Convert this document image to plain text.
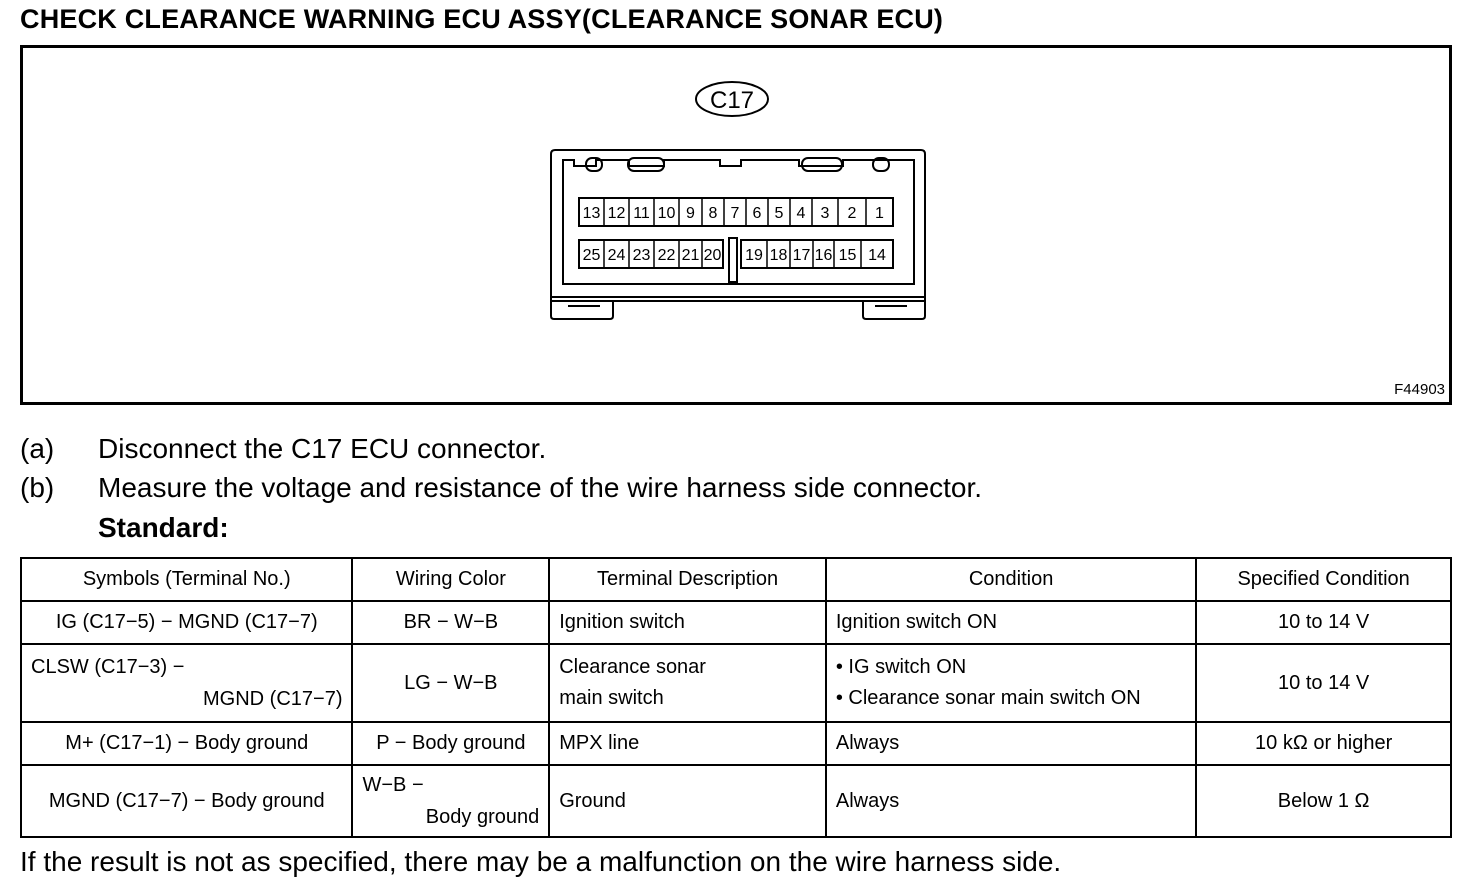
CHECK CLEARANCE WARNING ECU ASSY(CLEARANCE SONAR ECU)
13 12 11 10 9 8 7 6 5 4 3 2 1
25 24 23 22 21 20 19 18 17 16 15 14
C17
F44903
(a) Disconnect the C17 ECU connector.
(b) Measure the voltage and resistance of the wire harness side connector.
Standard:
Symbols (Terminal No.)	Wiring Color	Terminal Description	Condition	Specified Condition
IG (C17−5) − MGND (C17−7)	BR − W−B	Ignition switch	Ignition switch ON	10 to 14 V

CLSW (C17−3) −
MGND (C17−7)	LG − W−B	Clearance sonar
main switch	• IG switch ON
• Clearance sonar main switch ON	10 to 14 V
M+ (C17−1) − Body ground	P − Body ground	MPX line	Always	10 kΩ or higher
MGND (C17−7) − Body ground	W−B −
Body ground	Ground	Always	Below 1 Ω
If the result is not as specified, there may be a malfunction on the wire harness side.
